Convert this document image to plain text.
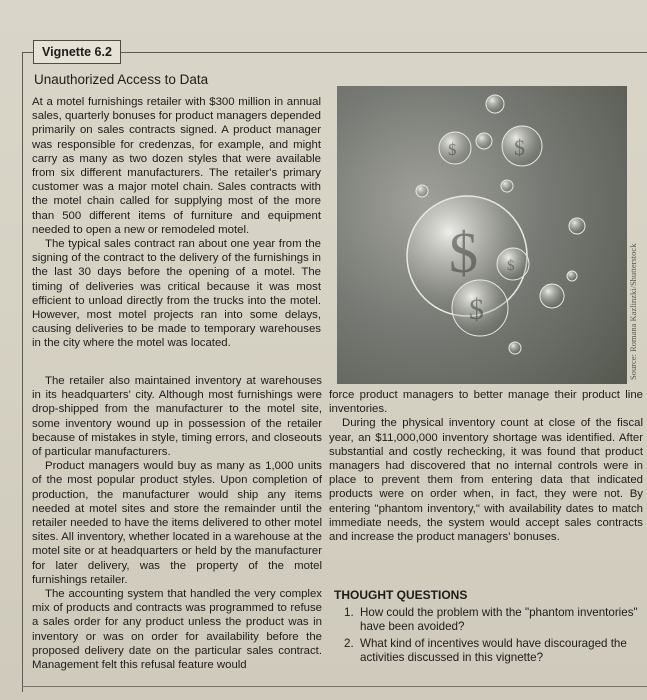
Vignette 6.2
Unauthorized Access to Data

At a motel furnishings retailer with $300 million in annual sales, quarterly bonuses for product managers depended primarily on sales contracts signed. A product manager was responsible for credenzas, for example, and might carry as many as two dozen styles that were available from six different manufacturers. The retailer's primary customer was a major motel chain. Sales contracts with the motel chain called for supplying most of the more than 500 different items of furniture and equipment needed to open a new or remodeled motel.

The typical sales contract ran about one year from the signing of the contract to the delivery of the furnishings in the last 30 days before the opening of a motel. The timing of deliveries was critical because it was most efficient to unload directly from the trucks into the motel. However, most motel projects ran into some delays, causing deliveries to be made to temporary warehouses in the city where the motel was located.

$
$
$
$
$	Source: Romana Kazlinzki/Shutterstock

The retailer also maintained inventory at warehouses in its headquarters' city. Although most furnishings were drop-shipped from the manufacturer to the motel site, some inventory wound up in possession of the retailer because of mistakes in style, timing errors, and closeouts of particular manufacturers.

Product managers would buy as many as 1,000 units of the most popular product styles. Upon completion of production, the manufacturer would ship any items needed at motel sites and store the remainder until the retailer needed to have the items delivered to other motel sites. All inventory, whether located in a warehouse at the motel site or at headquarters or held by the manufacturer for later delivery, was the property of the motel furnishings retailer.

The accounting system that handled the very complex mix of products and contracts was programmed to refuse a sales order for any product unless the product was in inventory or was on order for availability before the proposed delivery date on the particular sales contract. Management felt this refusal feature would

force product managers to better manage their product line inventories.

During the physical inventory count at close of the fiscal year, an $11,000,000 inventory shortage was identified. After substantial and costly rechecking, it was found that product managers had discovered that no internal controls were in place to prevent them from entering data that indicated products were on order when, in fact, they were not. By entering "phantom inventory," with availability dates to match immediate needs, the system would accept sales contracts and increase the product managers' bonuses.

THOUGHT QUESTIONS
1. How could the problem with the "phantom inventories" have been avoided?
2. What kind of incentives would have discouraged the activities discussed in this vignette?
